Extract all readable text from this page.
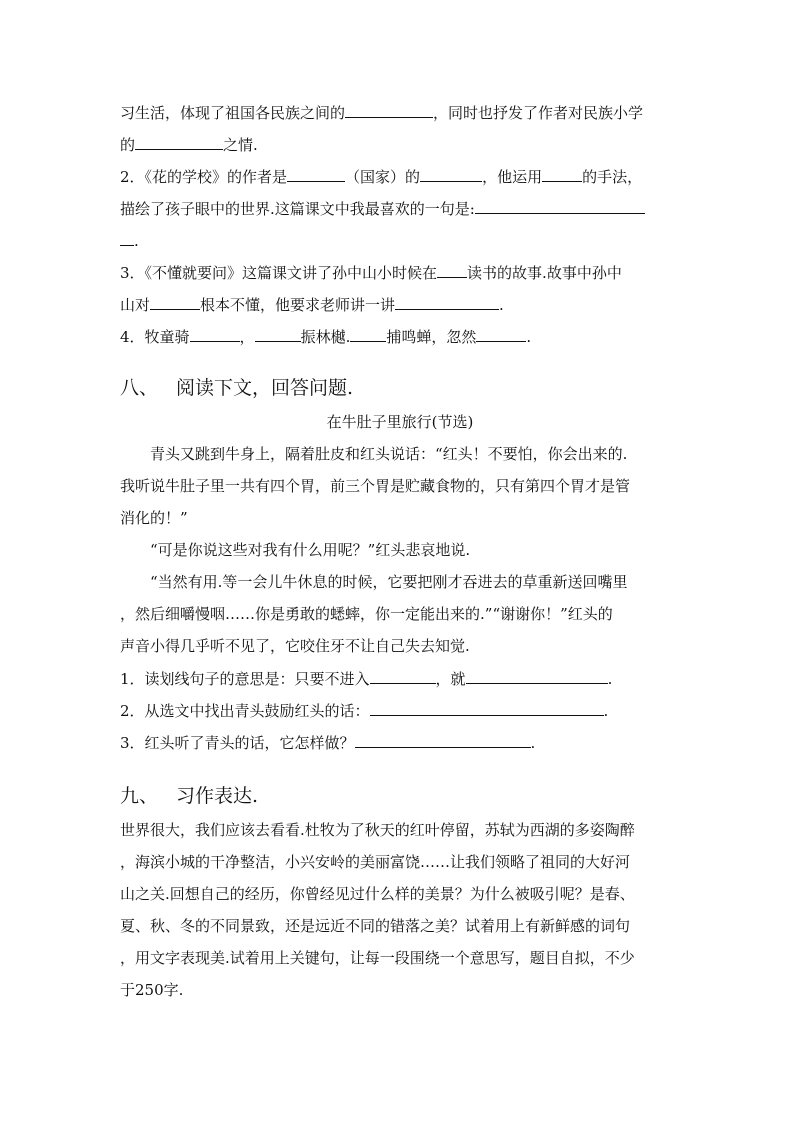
习生活，体现了祖国各民族之间的	，同时也抒发了作者对民族小学
的	之情.
2．《花的学校》的作者是	（国家）的	，他运用	的手法，
描绘了孩子眼中的世界.这篇课文中我最喜欢的一句是:
.
3．《不懂就要问》这篇课文讲了孙中山小时候在 读书的故事.故事中孙中
山对	根本不懂，他要求老师讲一讲	.
4．牧童骑	，	振林樾. 捕鸣蝉，忽然	.
八、 阅读下文，回答问题.
在牛肚子里旅行(节选)
青头又跳到牛身上，隔着肚皮和红头说话：“红头！不要怕，你会出来的.
我听说牛肚子里一共有四个胃，前三个胃是贮藏食物的，只有第四个胃才是管
消化的！”
“可是你说这些对我有什么用呢？”红头悲哀地说.
“当然有用.等一会儿牛休息的时候，它要把刚才吞进去的草重新送回嘴里
，然后细嚼慢咽……你是勇敢的蟋蟀，你一定能出来的.”“谢谢你！”红头的
声音小得几乎听不见了，它咬住牙不让自己失去知觉.
1．读划线句子的意思是：只要不进入	，就	.
2．从选文中找出青头鼓励红头的话：	.
3．红头听了青头的话，它怎样做？	.
九、 习作表达.
世界很大，我们应该去看看.杜牧为了秋天的红叶停留，苏轼为西湖的多姿陶醉
，海滨小城的干净整洁，小兴安岭的美丽富饶……让我们领略了祖同的大好河
山之关.回想自己的经历，你曾经见过什么样的美景？为什么被吸引呢？是春、
夏、秋、冬的不同景致，还是远近不同的错落之美？试着用上有新鲜感的词句
，用文字表现美.试着用上关键句，让每一段围绕一个意思写，题目自拟，不少
于250字.
